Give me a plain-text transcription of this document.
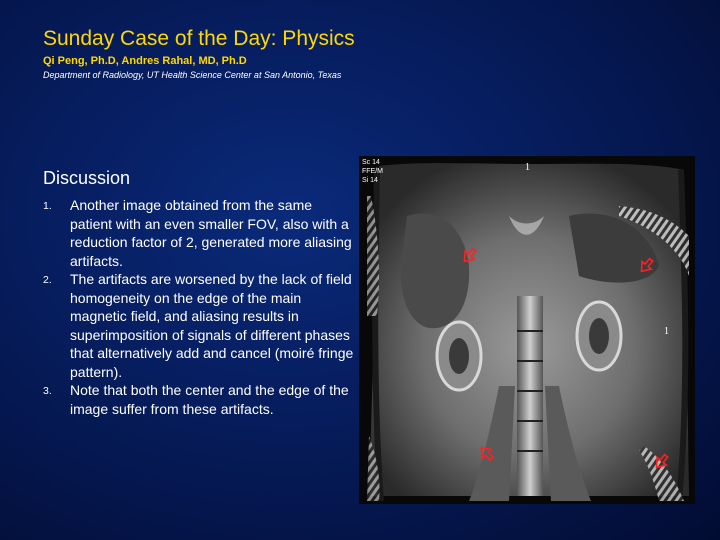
Sunday Case of the Day: Physics
Qi Peng, Ph.D, Andres Rahal, MD, Ph.D
Department of Radiology, UT Health Science Center at San Antonio, Texas
Discussion
1. Another image obtained from the same patient with an even smaller FOV, also with a reduction factor of 2, generated more aliasing artifacts.
2. The artifacts are worsened by the lack of field homogeneity on the edge of the main magnetic field, and aliasing results in superimposition of signals of different phases that alternatively add and cancel (moiré fringe pattern).
3. Note that both the center and the edge of the image suffer from these artifacts.
Sc 14
FFE/M
Si 14
1
1
